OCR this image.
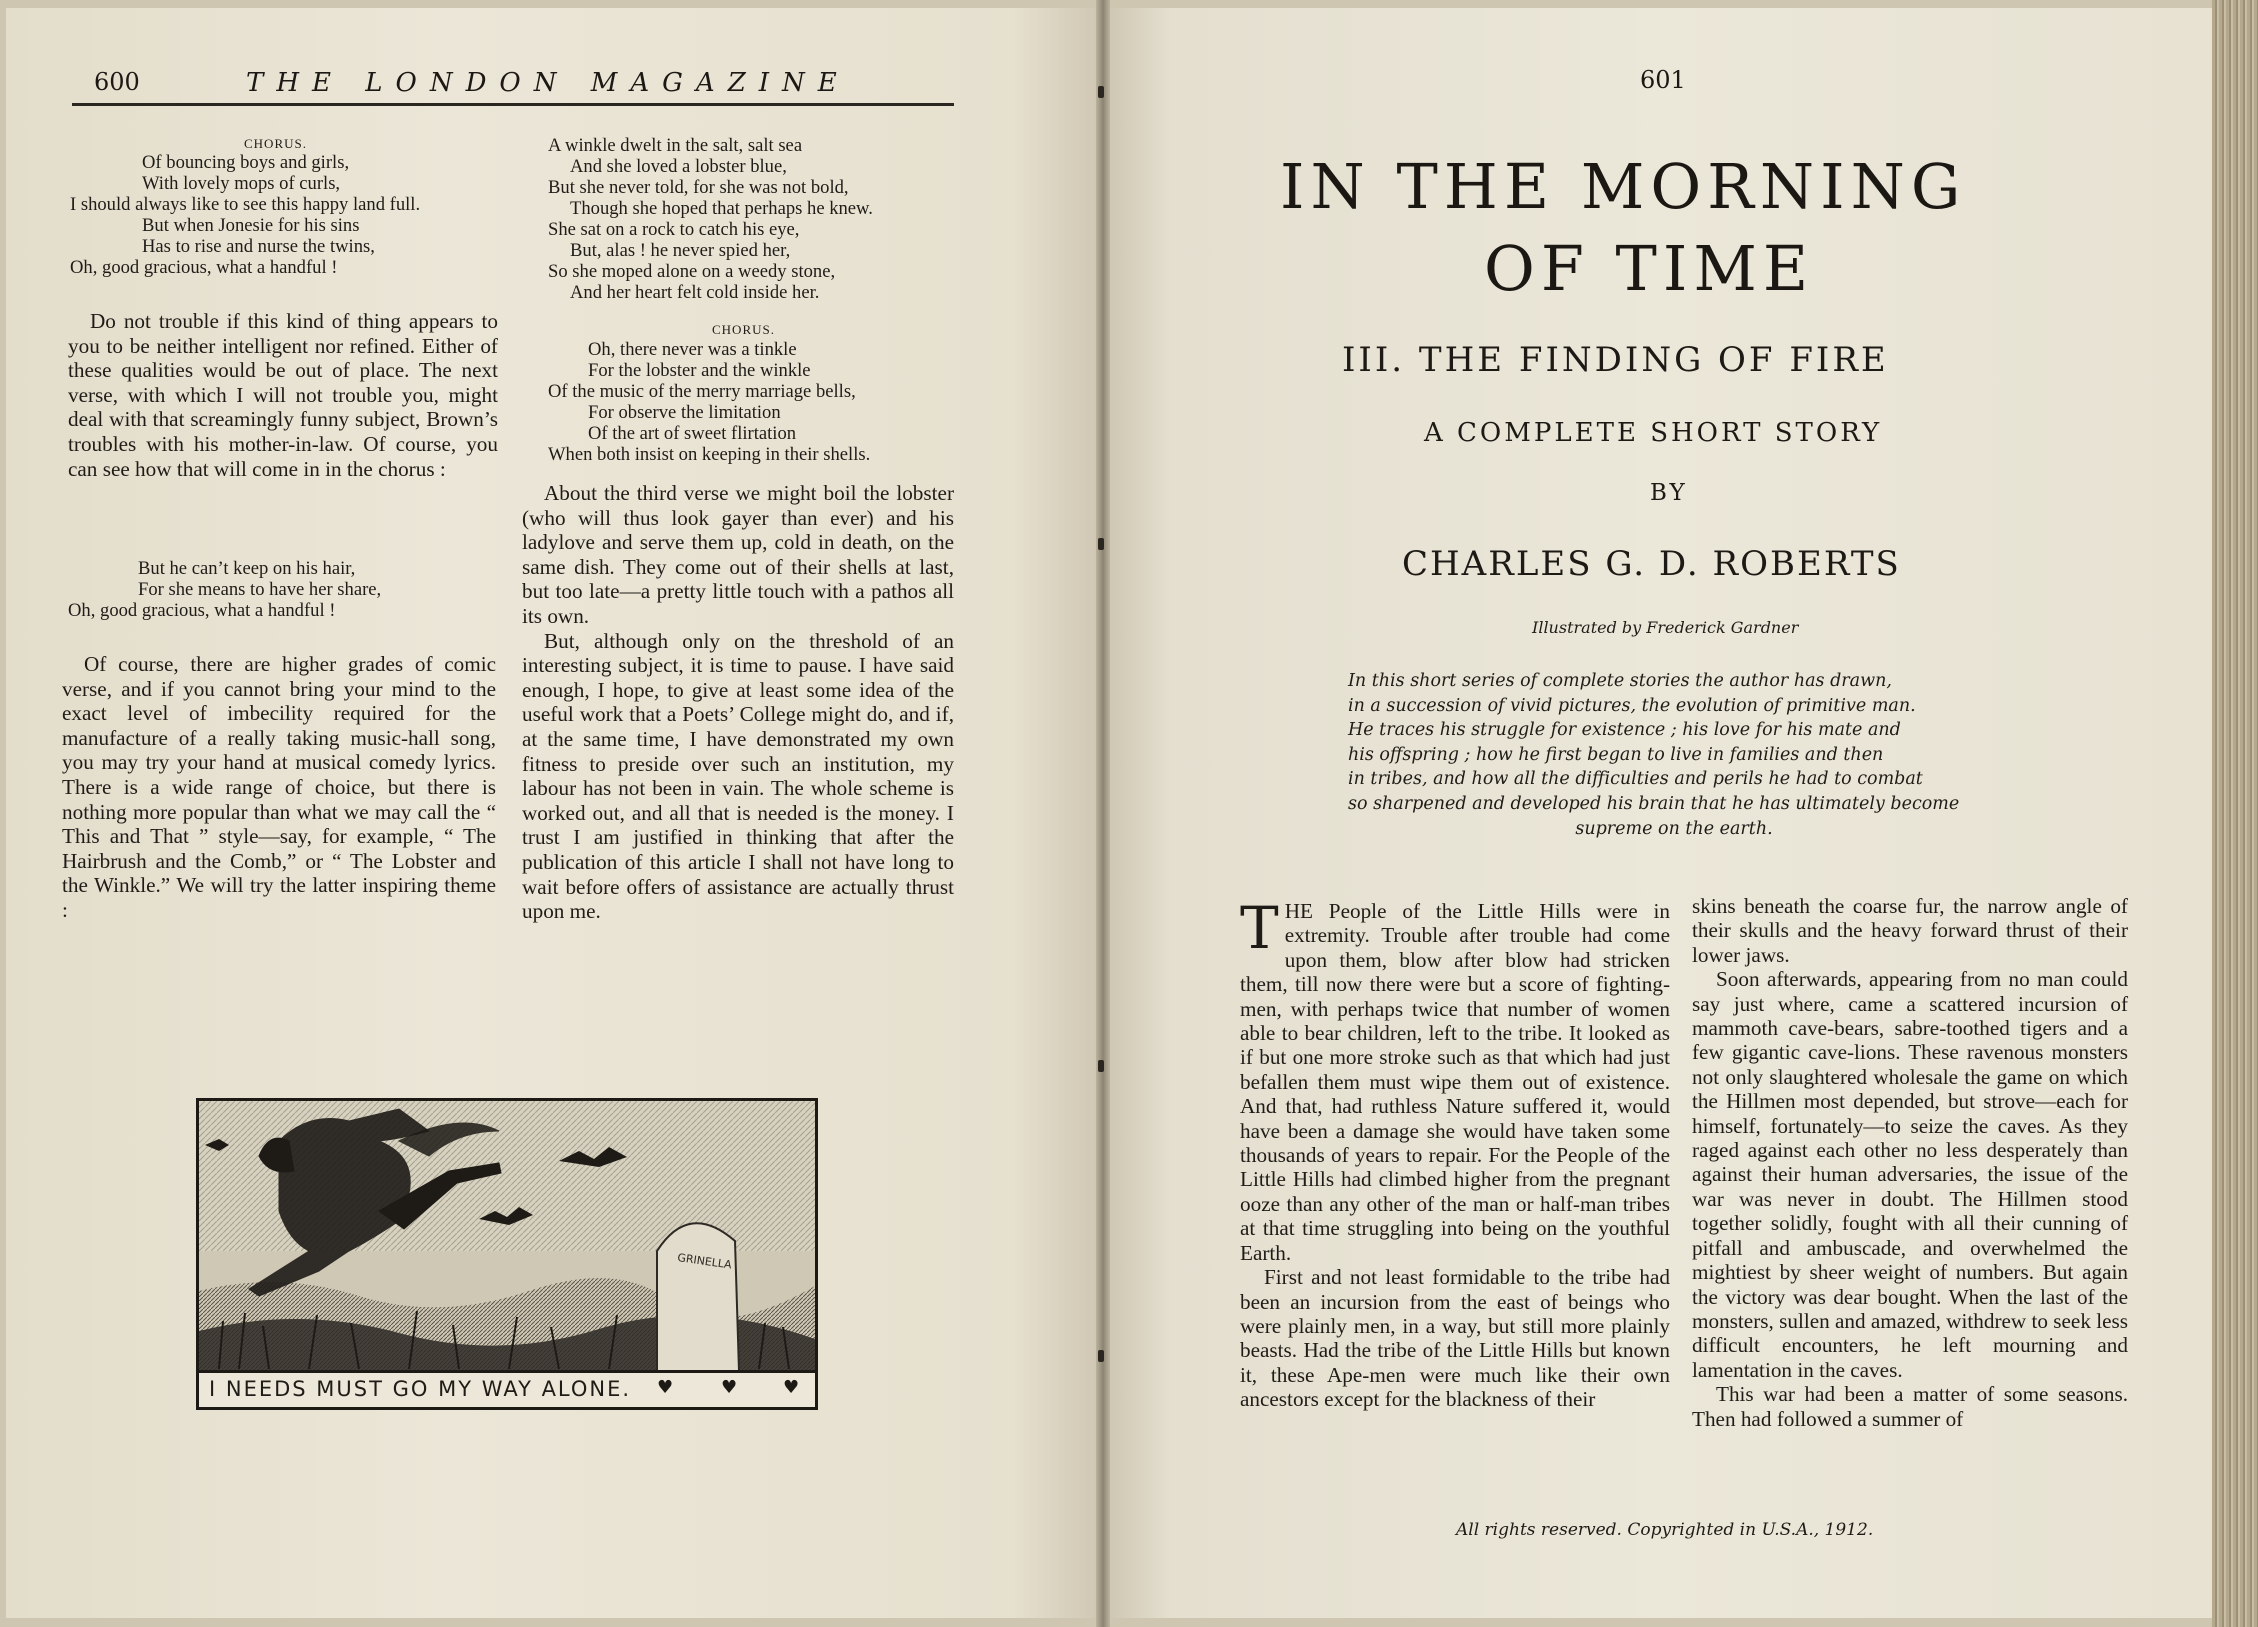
600	THE LONDON MAGAZINE
CHORUS.
Of bouncing boys and girls,
With lovely mops of curls,
I should always like to see this happy land full.
But when Jonesie for his sins
Has to rise and nurse the twins,
Oh, good gracious, what a handful !

Do not trouble if this kind of thing appears to you to be neither intelligent nor refined. Either of these qualities would be out of place. The next verse, with which I will not trouble you, might deal with that screamingly funny subject, Brown’s troubles with his mother-in-law. Of course, you can see how that will come in in the chorus :

But he can’t keep on his hair,
For she means to have her share,
Oh, good gracious, what a handful !

Of course, there are higher grades of comic verse, and if you cannot bring your mind to the exact level of imbecility required for the manufacture of a really taking music-hall song, you may try your hand at musical comedy lyrics. There is a wide range of choice, but there is nothing more popular than what we may call the “ This and That ” style—say, for example, “ The Hairbrush and the Comb,” or “ The Lobster and the Winkle.” We will try the latter inspiring theme :

A winkle dwelt in the salt, salt sea
And she loved a lobster blue,
But she never told, for she was not bold,
Though she hoped that perhaps he knew.
She sat on a rock to catch his eye,
But, alas ! he never spied her,
So she moped alone on a weedy stone,
And her heart felt cold inside her.
CHORUS.
Oh, there never was a tinkle
For the lobster and the winkle
Of the music of the merry marriage bells,
For observe the limitation
Of the art of sweet flirtation
When both insist on keeping in their shells.

About the third verse we might boil the lobster (who will thus look gayer than ever) and his ladylove and serve them up, cold in death, on the same dish. They come out of their shells at last, but too late—a pretty little touch with a pathos all its own.

But, although only on the threshold of an interesting subject, it is time to pause. I have said enough, I hope, to give at least some idea of the useful work that a Poets’ College might do, and if, at the same time, I have demonstrated my own fitness to preside over such an institution, my labour has not been in vain. The whole scheme is worked out, and all that is needed is the money. I trust I am justified in thinking that after the publication of this article I shall not have long to wait before offers of assistance are actually thrust upon me.

GRINELLA
I NEEDS MUST GO MY WAY ALONE. ♥	♥	♥
601
IN THE MORNING
OF TIME
III. THE FINDING OF FIRE
A COMPLETE SHORT STORY
BY
CHARLES G. D. ROBERTS
Illustrated by Frederick Gardner
In this short series of complete stories the author has drawn,
in a succession of vivid pictures, the evolution of primitive man.
He traces his struggle for existence ; his love for his mate and
his offspring ; how he first began to live in families and then
in tribes, and how all the difficulties and perils he had to combat
so sharpened and developed his brain that he has ultimately become
supreme on the earth.

THE People of the Little Hills were in extremity. Trouble after trouble had come upon them, blow after blow had stricken them, till now there were but a score of fighting-men, with perhaps twice that number of women able to bear children, left to the tribe. It looked as if but one more stroke such as that which had just befallen them must wipe them out of existence. And that, had ruthless Nature suffered it, would have been a damage she would have taken some thousands of years to repair. For the People of the Little Hills had climbed higher from the pregnant ooze than any other of the man or half-man tribes at that time struggling into being on the youthful Earth.

First and not least formidable to the tribe had been an incursion from the east of beings who were plainly men, in a way, but still more plainly beasts. Had the tribe of the Little Hills but known it, these Ape-men were much like their own ancestors except for the blackness of their

skins beneath the coarse fur, the narrow angle of their skulls and the heavy forward thrust of their lower jaws.

Soon afterwards, appearing from no man could say just where, came a scattered incursion of mammoth cave-bears, sabre-toothed tigers and a few gigantic cave-lions. These ravenous monsters not only slaughtered wholesale the game on which the Hillmen most depended, but strove—each for himself, fortunately—to seize the caves. As they raged against each other no less desperately than against their human adversaries, the issue of the war was never in doubt. The Hillmen stood together solidly, fought with all their cunning of pitfall and ambuscade, and overwhelmed the mightiest by sheer weight of numbers. But again the victory was dear bought. When the last of the monsters, sullen and amazed, withdrew to seek less difficult encounters, he left mourning and lamentation in the caves.

This war had been a matter of some seasons. Then had followed a summer of

All rights reserved. Copyrighted in U.S.A., 1912.
